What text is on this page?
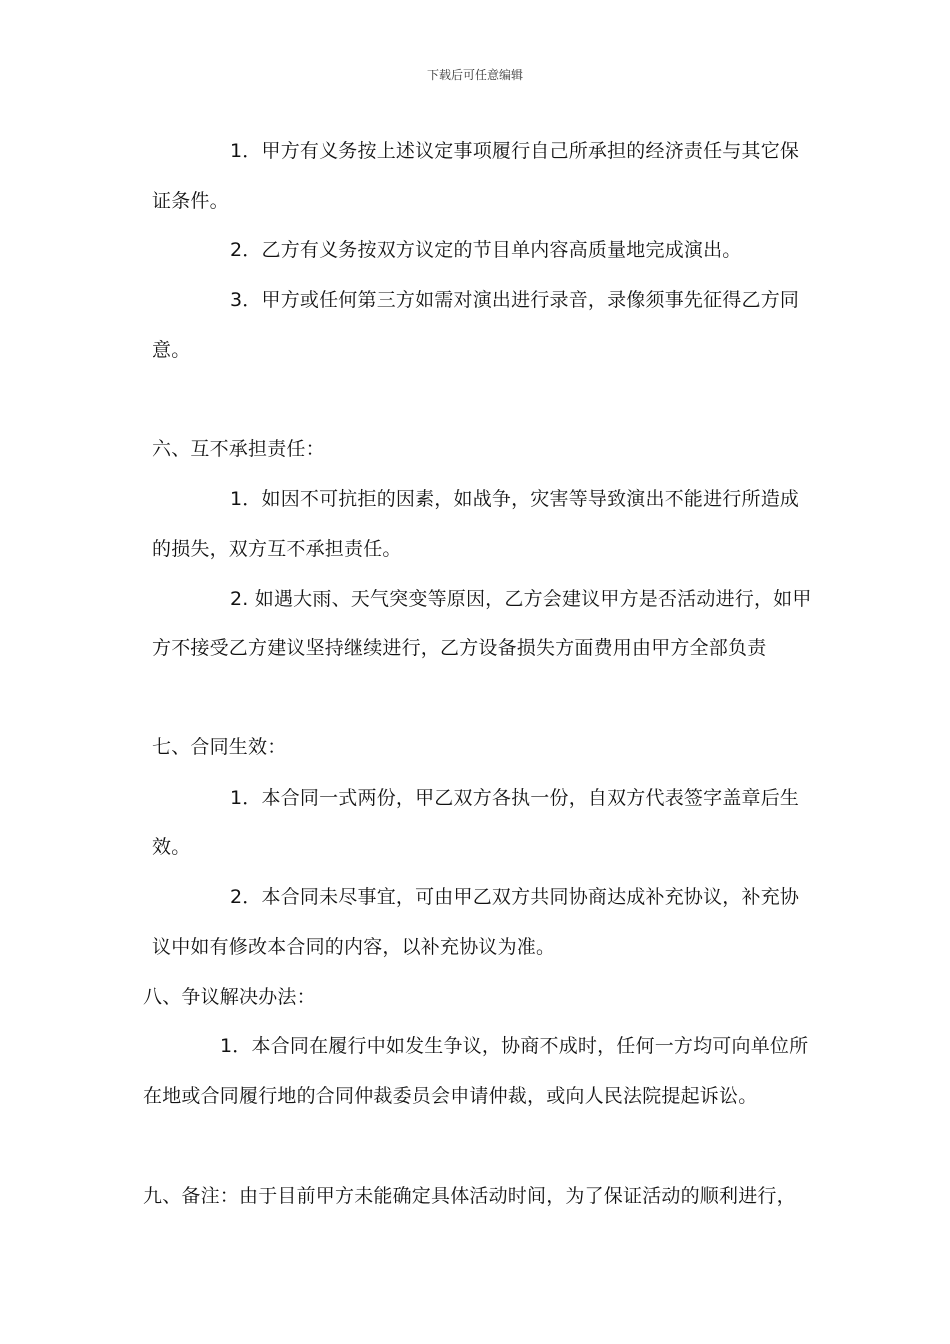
下载后可任意编辑
1．甲方有义务按上述议定事项履行自己所承担的经济责任与其它保
证条件。
2．乙方有义务按双方议定的节目单内容高质量地完成演出。
3．甲方或任何第三方如需对演出进行录音，录像须事先征得乙方同
意。
六、互不承担责任：
1．如因不可抗拒的因素，如战争，灾害等导致演出不能进行所造成
的损失，双方互不承担责任。
2. 如遇大雨、天气突变等原因，乙方会建议甲方是否活动进行，如甲
方不接受乙方建议坚持继续进行，乙方设备损失方面费用由甲方全部负责
七、合同生效：
1．本合同一式两份，甲乙双方各执一份，自双方代表签字盖章后生
效。
2．本合同未尽事宜，可由甲乙双方共同协商达成补充协议，补充协
议中如有修改本合同的内容，以补充协议为准。
八、争议解决办法：
1．本合同在履行中如发生争议，协商不成时，任何一方均可向单位所
在地或合同履行地的合同仲裁委员会申请仲裁，或向人民法院提起诉讼。
九、备注：由于目前甲方未能确定具体活动时间，为了保证活动的顺利进行，
